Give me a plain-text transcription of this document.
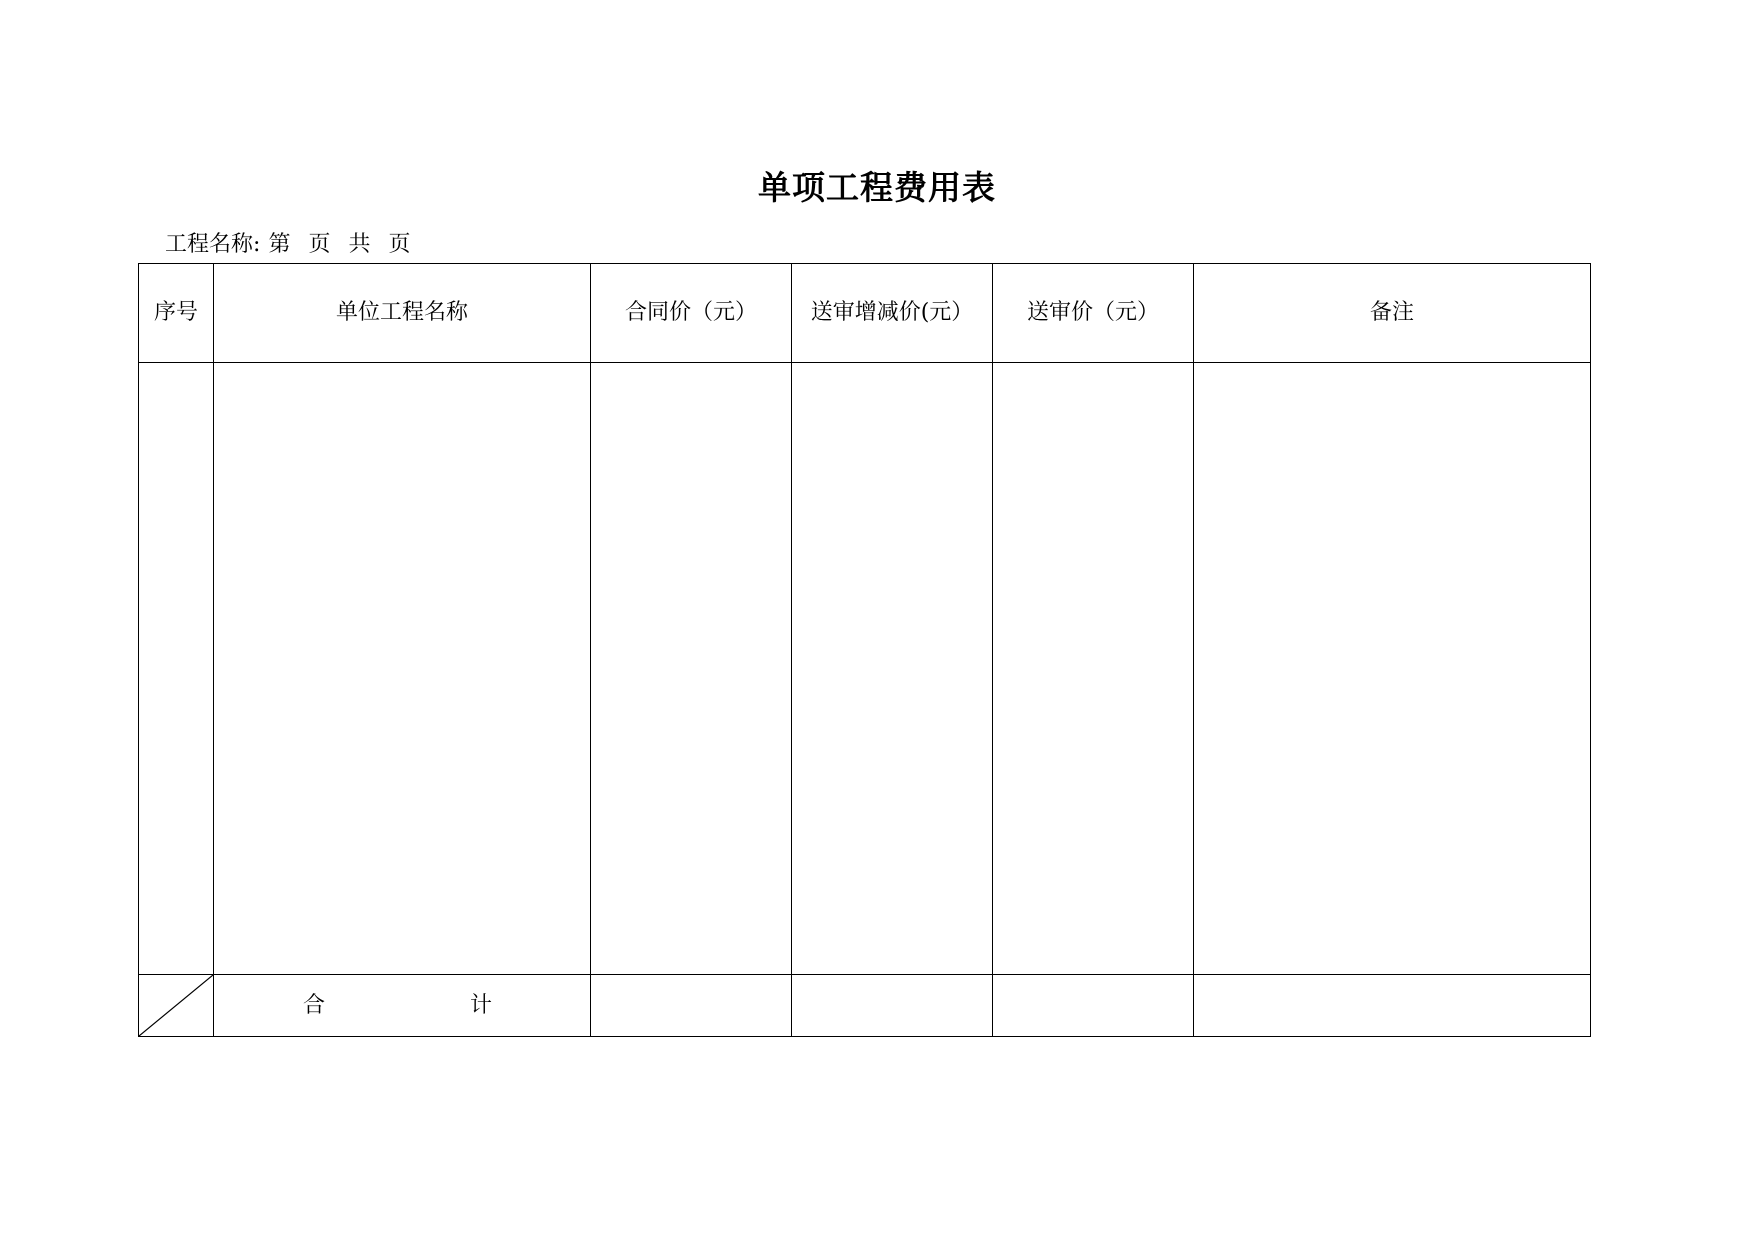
单项工程费用表
工程名称: 第 页 共 页
序号	单位工程名称	合同价（元）	送审增减价(元）	送审价（元）	备注

合 计				
